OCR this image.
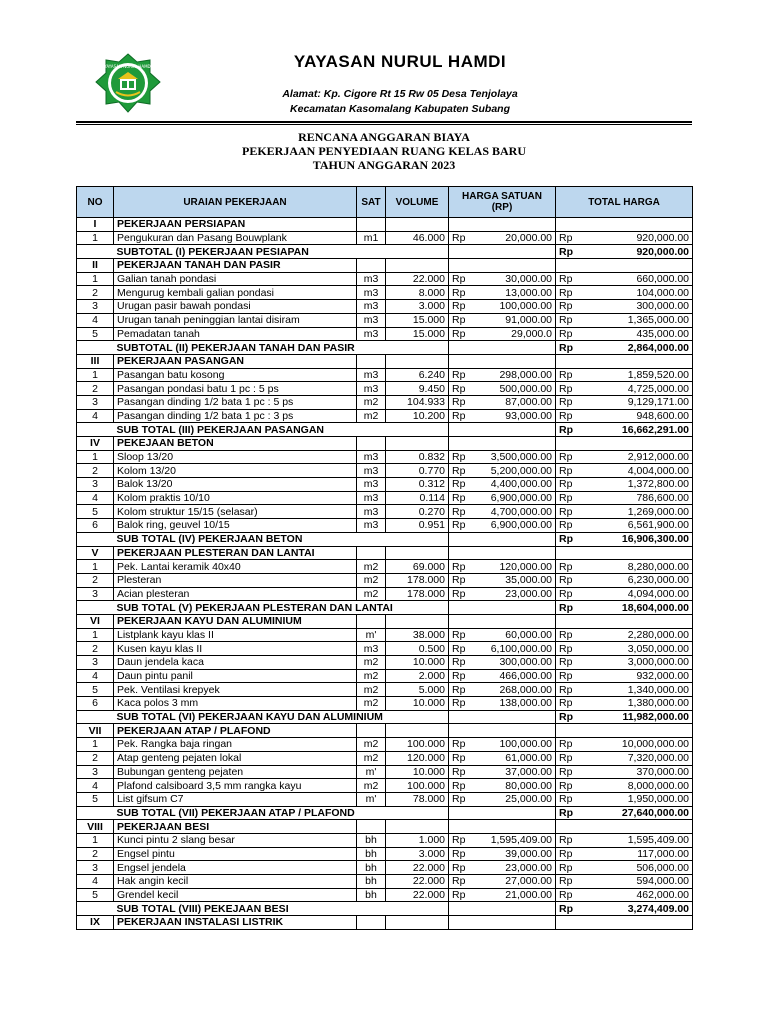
YAYASAN NURUL HAMDI	YAYASAN NURUL HAMDI
Alamat: Kp. Cigore Rt 15 Rw 05 Desa Tenjolaya
Kecamatan Kasomalang Kabupaten Subang
RENCANA ANGGARAN BIAYA
PEKERJAAN PENYEDIAAN RUANG KELAS BARU
TAHUN ANGGARAN 2023
NO	URAIAN PEKERJAAN	SAT	VOLUME	HARGA SATUAN (RP)		TOTAL HARGA	
I	PEKERJAAN PERSIAPAN						
1	Pengukuran dan Pasang Bouwplank	m1	46.000	Rp	20,000.00	Rp	920,000.00
	SUBTOTAL (I) PEKERJAAN PESIAPAN					Rp	920,000.00
II	PEKERJAAN TANAH DAN PASIR						
1	Galian tanah pondasi	m3	22.000	Rp	30,000.00	Rp	660,000.00
2	Mengurug kembali galian pondasi	m3	8.000	Rp	13,000.00	Rp	104,000.00
3	Urugan pasir bawah pondasi	m3	3.000	Rp	100,000.00	Rp	300,000.00
4	Urugan tanah peninggian lantai disiram	m3	15.000	Rp	91,000.00	Rp	1,365,000.00
5	Pemadatan tanah	m3	15.000	Rp	29,000.0	Rp	435,000.00
	SUBTOTAL (II) PEKERJAAN TANAH DAN PASIR					Rp	2,864,000.00
III	PEKERJAAN PASANGAN						
1	Pasangan batu kosong	m3	6.240	Rp	298,000.00	Rp	1,859,520.00
2	Pasangan pondasi batu 1 pc : 5 ps	m3	9.450	Rp	500,000.00	Rp	4,725,000.00
3	Pasangan dinding 1/2 bata 1 pc : 5 ps	m2	104.933	Rp	87,000.00	Rp	9,129,171.00
4	Pasangan dinding 1/2 bata 1 pc : 3 ps	m2	10.200	Rp	93,000.00	Rp	948,600.00
	SUB TOTAL (III) PEKERJAAN PASANGAN					Rp	16,662,291.00
IV	PEKEJAAN BETON						
1	Sloop 13/20	m3	0.832	Rp	3,500,000.00	Rp	2,912,000.00
2	Kolom 13/20	m3	0.770	Rp	5,200,000.00	Rp	4,004,000.00
3	Balok 13/20	m3	0.312	Rp	4,400,000.00	Rp	1,372,800.00
4	Kolom praktis 10/10	m3	0.114	Rp	6,900,000.00	Rp	786,600.00
5	Kolom struktur 15/15 (selasar)	m3	0.270	Rp	4,700,000.00	Rp	1,269,000.00
6	Balok ring, geuvel 10/15	m3	0.951	Rp	6,900,000.00	Rp	6,561,900.00
	SUB TOTAL (IV) PEKERJAAN BETON					Rp	16,906,300.00
V	PEKERJAAN PLESTERAN DAN LANTAI						
1	Pek. Lantai keramik 40x40	m2	69.000	Rp	120,000.00	Rp	8,280,000.00
2	Plesteran	m2	178.000	Rp	35,000.00	Rp	6,230,000.00
3	Acian plesteran	m2	178.000	Rp	23,000.00	Rp	4,094,000.00
	SUB TOTAL (V) PEKERJAAN PLESTERAN DAN LANTAI					Rp	18,604,000.00
VI	PEKERJAAN KAYU DAN ALUMINIUM						
1	Listplank kayu klas II	m'	38.000	Rp	60,000.00	Rp	2,280,000.00
2	Kusen kayu klas II	m3	0.500	Rp	6,100,000.00	Rp	3,050,000.00
3	Daun jendela kaca	m2	10.000	Rp	300,000.00	Rp	3,000,000.00
4	Daun pintu panil	m2	2.000	Rp	466,000.00	Rp	932,000.00
5	Pek. Ventilasi krepyek	m2	5.000	Rp	268,000.00	Rp	1,340,000.00
6	Kaca polos 3 mm	m2	10.000	Rp	138,000.00	Rp	1,380,000.00
	SUB TOTAL (VI) PEKERJAAN KAYU DAN ALUMINIUM					Rp	11,982,000.00
VII	PEKERJAAN ATAP / PLAFOND						
1	Pek. Rangka baja ringan	m2	100.000	Rp	100,000.00	Rp	10,000,000.00
2	Atap genteng pejaten lokal	m2	120.000	Rp	61,000.00	Rp	7,320,000.00
3	Bubungan genteng pejaten	m'	10.000	Rp	37,000.00	Rp	370,000.00
4	Plafond calsiboard 3,5 mm rangka kayu	m2	100.000	Rp	80,000.00	Rp	8,000,000.00
5	List gifsum C7	m'	78.000	Rp	25,000.00	Rp	1,950,000.00
	SUB TOTAL (VII) PEKERJAAN ATAP / PLAFOND					Rp	27,640,000.00
VIII	PEKERJAAN BESI						
1	Kunci pintu 2 slang besar	bh	1.000	Rp	1,595,409.00	Rp	1,595,409.00
2	Engsel pintu	bh	3.000	Rp	39,000.00	Rp	117,000.00
3	Engsel jendela	bh	22.000	Rp	23,000.00	Rp	506,000.00
4	Hak angin kecil	bh	22.000	Rp	27,000.00	Rp	594,000.00
5	Grendel kecil	bh	22.000	Rp	21,000.00	Rp	462,000.00
	SUB TOTAL (VIII) PEKEJAAN BESI					Rp	3,274,409.00
IX	PEKERJAAN INSTALASI LISTRIK						
